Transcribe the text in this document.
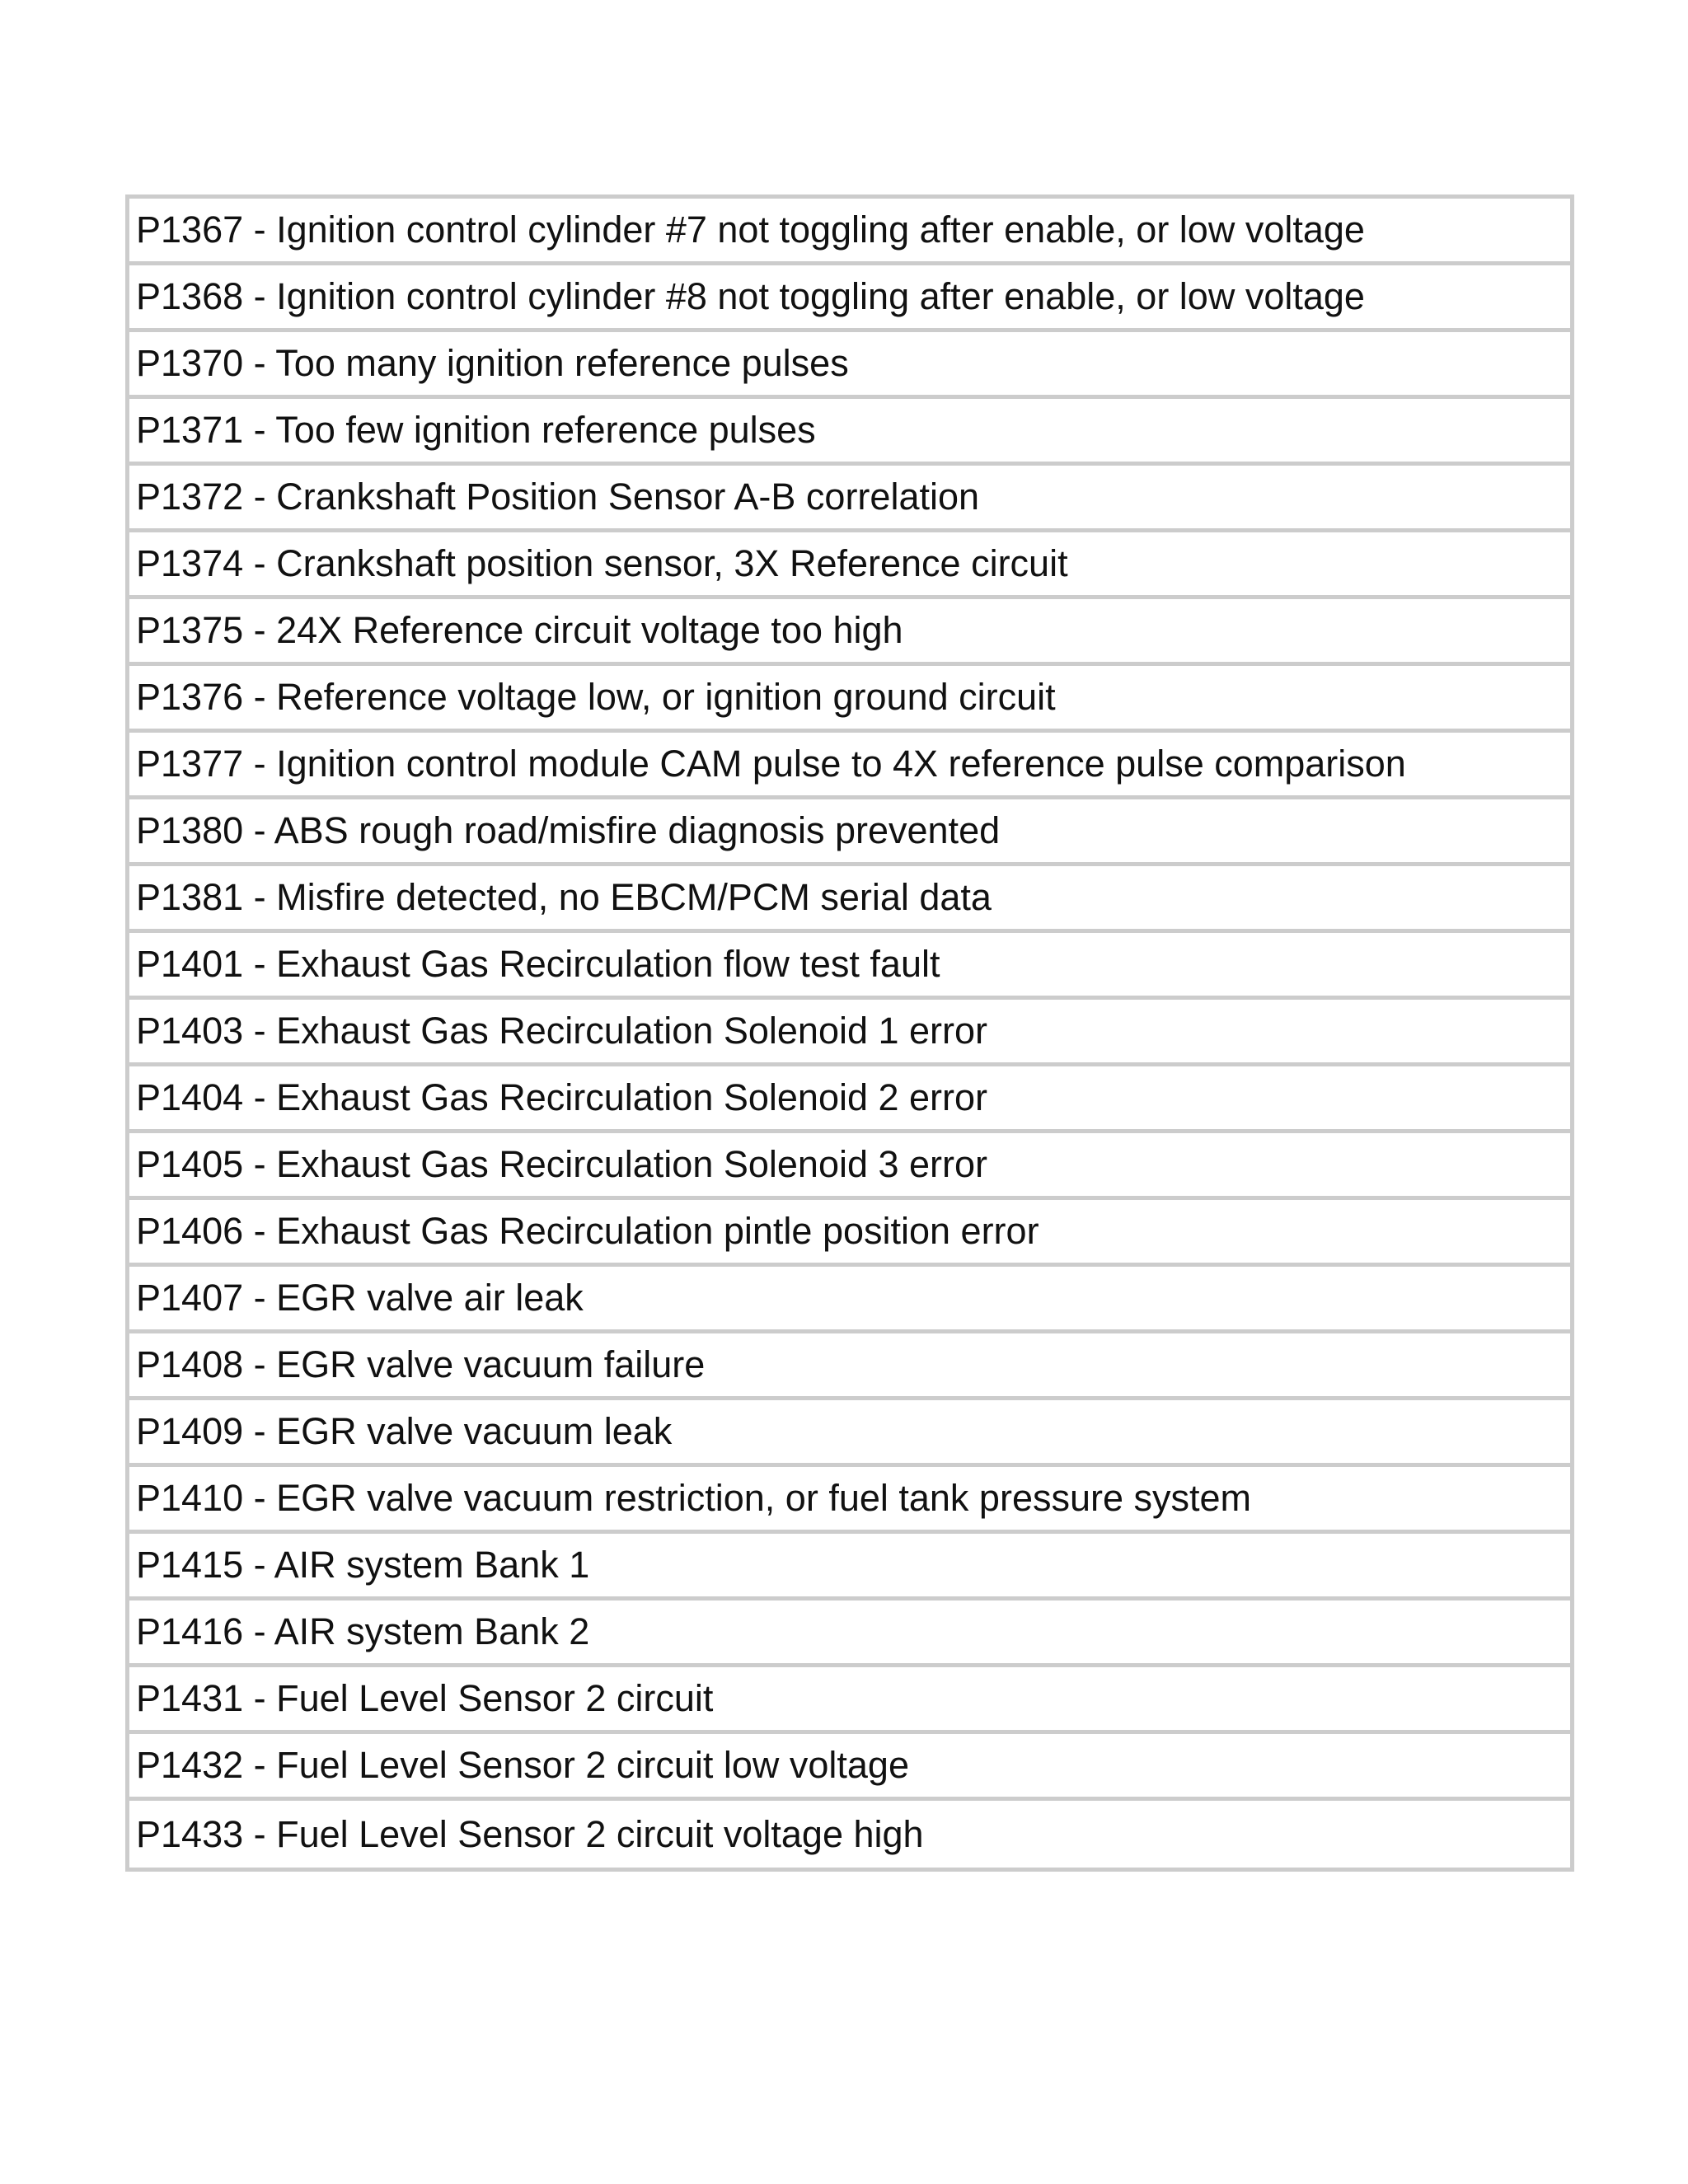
P1367 - Ignition control cylinder #7 not toggling after enable, or low voltage
P1368 - Ignition control cylinder #8 not toggling after enable, or low voltage
P1370 - Too many ignition reference pulses
P1371 - Too few ignition reference pulses
P1372 - Crankshaft Position Sensor A-B correlation
P1374 - Crankshaft position sensor, 3X Reference circuit
P1375 - 24X Reference circuit voltage too high
P1376 - Reference voltage low, or ignition ground circuit
P1377 - Ignition control module CAM pulse to 4X reference pulse comparison
P1380 - ABS rough road/misfire diagnosis prevented
P1381 - Misfire detected, no EBCM/PCM serial data
P1401 - Exhaust Gas Recirculation flow test fault
P1403 - Exhaust Gas Recirculation Solenoid 1 error
P1404 - Exhaust Gas Recirculation Solenoid 2 error
P1405 - Exhaust Gas Recirculation Solenoid 3 error
P1406 - Exhaust Gas Recirculation pintle position error
P1407 - EGR valve air leak
P1408 - EGR valve vacuum failure
P1409 - EGR valve vacuum leak
P1410 - EGR valve vacuum restriction, or fuel tank pressure system
P1415 - AIR system Bank 1
P1416 - AIR system Bank 2
P1431 - Fuel Level Sensor 2 circuit
P1432 - Fuel Level Sensor 2 circuit low voltage
P1433 - Fuel Level Sensor 2 circuit voltage high
